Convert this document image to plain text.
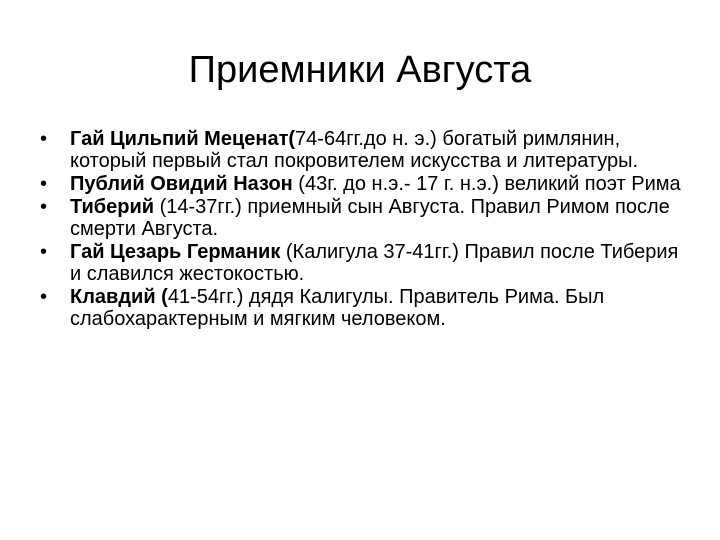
Приемники Августа
•	Гай Цильпий Меценат(74-64гг.до н. э.) богатый римлянин, который первый стал покровителем искусства и литературы.
•	Публий Овидий Назон (43г. до н.э.- 17 г. н.э.) великий поэт Рима
•	Тиберий (14-37гг.) приемный сын Августа. Правил Римом после смерти Августа.
•	Гай Цезарь Германик (Калигула 37-41гг.) Правил после Тиберия и славился жестокостью.
•	Клавдий (41-54гг.) дядя Калигулы. Правитель Рима. Был слабохарактерным и мягким человеком.
